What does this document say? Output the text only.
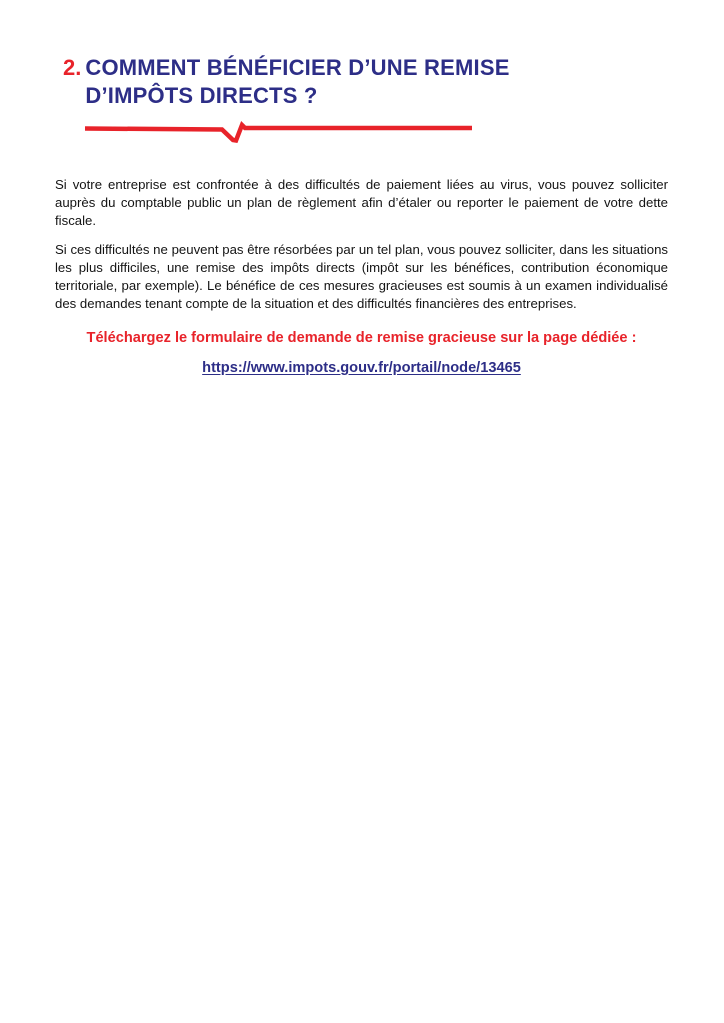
2. COMMENT BÉNÉFICIER D’UNE REMISE
D’IMPÔTS DIRECTS ?

Si votre entreprise est confrontée à des difficultés de paiement liées au virus, vous pouvez solliciter auprès du comptable public un plan de règlement afin d’étaler ou reporter le paiement de votre dette fiscale.

Si ces difficultés ne peuvent pas être résorbées par un tel plan, vous pouvez solliciter, dans les situations les plus difficiles, une remise des impôts directs (impôt sur les bénéfices, contribution économique territoriale, par exemple). Le bénéfice de ces mesures gracieuses est soumis à un examen individualisé des demandes tenant compte de la situation et des difficultés financières des entreprises.

Téléchargez le formulaire de demande de remise gracieuse sur la page dédiée :

https://www.impots.gouv.fr/portail/node/13465
